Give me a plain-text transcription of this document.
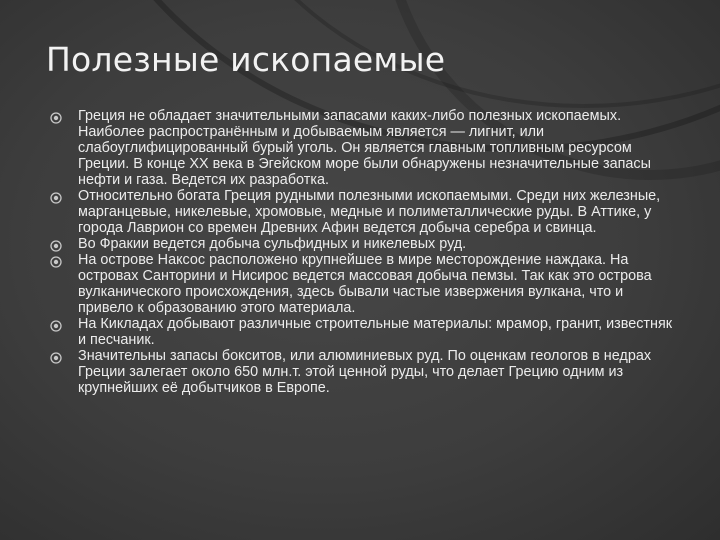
Полезные ископаемые
Греция не обладает значительными запасами каких-либо полезных ископаемых. Наиболее распространённым и добываемым является — лигнит, или слабоуглифицированный бурый уголь. Он является главным топливным ресурсом Греции. В конце XX века в Эгейском море были обнаружены незначительные запасы нефти и газа. Ведется их разработка.
Относительно богата Греция рудными полезными ископаемыми. Среди них железные, марганцевые, никелевые, хромовые, медные и полиметаллические руды. В Аттике, у города Лаврион со времен Древних Афин ведется добыча серебра и свинца.
Во Фракии ведется добыча сульфидных и никелевых руд.
На острове Наксос расположено крупнейшее в мире месторождение наждака. На островах Санторини и Нисирос ведется массовая добыча пемзы. Так как это острова вулканического происхождения, здесь бывали частые извержения вулкана, что и привело к образованию этого материала.
На Кикладах добывают различные строительные материалы: мрамор, гранит, известняк и песчаник.
Значительны запасы бокситов, или алюминиевых руд. По оценкам геологов в недрах Греции залегает около 650 млн.т. этой ценной руды, что делает Грецию одним из крупнейших её добытчиков в Европе.
